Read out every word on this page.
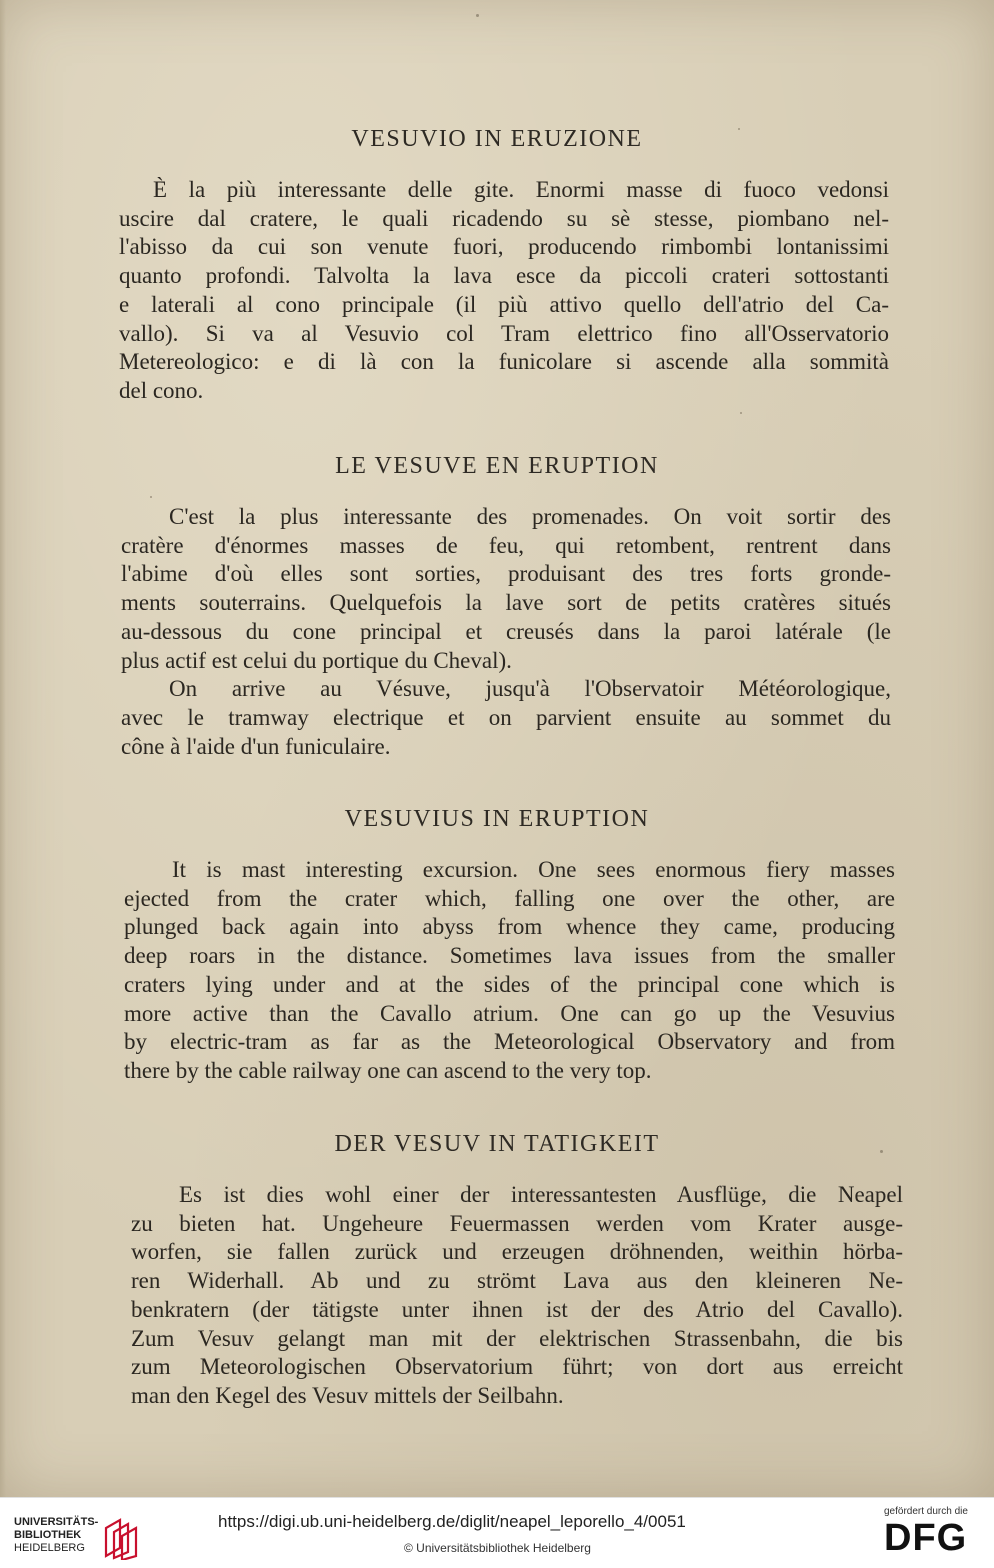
VESUVIO IN ERUZIONE
È la più interessante delle gite. Enormi masse di fuoco vedonsi
uscire dal cratere, le quali ricadendo su sè stesse, piombano nel-
l'abisso da cui son venute fuori, producendo rimbombi lontanissimi
quanto profondi. Talvolta la lava esce da piccoli crateri sottostanti
e laterali al cono principale (il più attivo quello dell'atrio del Ca-
vallo). Si va al Vesuvio col Tram elettrico fino all'Osservatorio
Metereologico: e di là con la funicolare si ascende alla sommità
del cono.
LE VESUVE EN ERUPTION
C'est la plus interessante des promenades. On voit sortir des
cratère d'énormes masses de feu, qui retombent, rentrent dans
l'abime d'où elles sont sorties, produisant des tres forts gronde-
ments souterrains. Quelquefois la lave sort de petits cratères situés
au-dessous du cone principal et creusés dans la paroi latérale (le
plus actif est celui du portique du Cheval).
On arrive au Vésuve, jusqu'à l'Observatoir Météorologique,
avec le tramway electrique et on parvient ensuite au sommet du
cône à l'aide d'un funiculaire.
VESUVIUS IN ERUPTION
It is mast interesting excursion. One sees enormous fiery masses
ejected from the crater which, falling one over the other, are
plunged back again into abyss from whence they came, producing
deep roars in the distance. Sometimes lava issues from the smaller
craters lying under and at the sides of the principal cone which is
more active than the Cavallo atrium. One can go up the Vesuvius
by electric-tram as far as the Meteorological Observatory and from
there by the cable railway one can ascend to the very top.
DER VESUV IN TATIGKEIT
Es ist dies wohl einer der interessantesten Ausflüge, die Neapel
zu bieten hat. Ungeheure Feuermassen werden vom Krater ausge-
worfen, sie fallen zurück und erzeugen dröhnenden, weithin hörba-
ren Widerhall. Ab und zu strömt Lava aus den kleineren Ne-
benkratern (der tätigste unter ihnen ist der des Atrio del Cavallo).
Zum Vesuv gelangt man mit der elektrischen Strassenbahn, die bis
zum Meteorologischen Observatorium führt; von dort aus erreicht
man den Kegel des Vesuv mittels der Seilbahn.
UNIVERSITÄTS-
BIBLIOTHEK
HEIDELBERG
https://digi.ub.uni-heidelberg.de/diglit/neapel_leporello_4/0051
© Universitätsbibliothek Heidelberg
gefördert durch die
DFG
